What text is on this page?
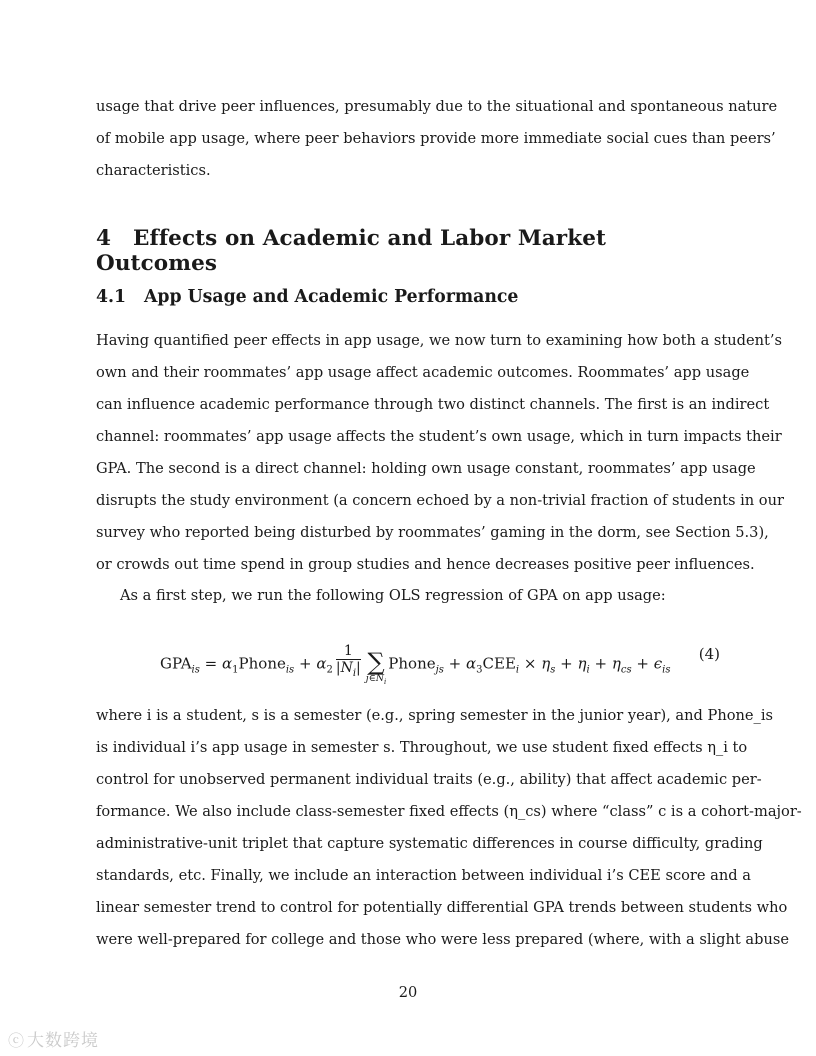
usage that drive peer influences, presumably due to the situational and spontaneous nature
of mobile app usage, where peer behaviors provide more immediate social cues than peers’
characteristics.
4 Effects on Academic and Labor Market Outcomes
4.1 App Usage and Academic Performance
Having quantified peer effects in app usage, we now turn to examining how both a student’s
own and their roommates’ app usage affect academic outcomes. Roommates’ app usage
can influence academic performance through two distinct channels. The first is an indirect
channel: roommates’ app usage affects the student’s own usage, which in turn impacts their
GPA. The second is a direct channel: holding own usage constant, roommates’ app usage
disrupts the study environment (a concern echoed by a non-trivial fraction of students in our
survey who reported being disturbed by roommates’ gaming in the dorm, see Section 5.3),
or crowds out time spend in group studies and hence decreases positive peer influences.
As a first step, we run the following OLS regression of GPA on app usage:
$GPA_{is}$ = $\alpha_1Phone_{is} + \alpha_2 \frac{1}{|N_i|}$ ∑
$j\in N_i$
Phone$_{js}$ + $\alpha_3CEE_i \times \eta_s + \eta_i + \eta_{cs} + \epsilon_{is}$
(4)
where i is a student, s is a semester (e.g., spring semester in the junior year), and Phone_is
is individual i’s app usage in semester s. Throughout, we use student fixed effects η_i to
control for unobserved permanent individual traits (e.g., ability) that affect academic per-
formance. We also include class-semester fixed effects (η_cs) where “class” c is a cohort-major-
administrative-unit triplet that capture systematic differences in course difficulty, grading
standards, etc. Finally, we include an interaction between individual i’s CEE score and a
linear semester trend to control for potentially differential GPA trends between students who
were well-prepared for college and those who were less prepared (where, with a slight abuse
20
ⓒ 大数跨境
